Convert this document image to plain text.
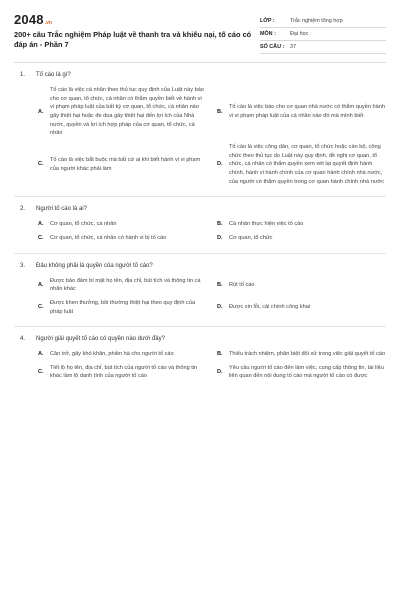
2048 .vn
200+ câu Trắc nghiệm Pháp luật về thanh tra và khiếu nại, tố cáo có đáp án - Phần 7
LỚP :	Trắc nghiệm tổng hợp
MÔN :	Đại học
SỐ CÂU :	37
1.	Tố cáo là gì?
A.
Tố cáo là việc cá nhân theo thủ tục quy định của Luật này báo cho cơ quan, tổ chức, cá nhân có thẩm quyền biết về hành vi vi phạm pháp luật của bất kỳ cơ quan, tổ chức, cá nhân nào gây thiệt hại hoặc đe dọa gây thiệt hại đến lợi ích của Nhà nước, quyền và lợi ích hợp pháp của cơ quan, tổ chức, cá nhân
B.
Tố cáo là việc báo cho cơ quan nhà nước có thẩm quyền hành vi vi phạm pháp luật của cá nhân nào đó mà mình biết
C.
Tố cáo là việc bắt buộc mà bất cứ ai khi biết hành vi vi phạm của người khác phải làm
D.
Tố cáo là việc công dân, cơ quan, tổ chức hoặc cán bộ, công chức theo thủ tục do Luật này quy định, đề nghị cơ quan, tổ chức, cá nhân có thẩm quyền xem xét lại quyết định hành chính, hành vi hành chính của cơ quan hành chính nhà nước, của người có thẩm quyền trong cơ quan hành chính nhà nước
2.	Người tố cáo là ai?
A.	Cơ quan, tổ chức, cá nhân	B.	Cá nhân thực hiện việc tố cáo
C.	Cơ quan, tổ chức, cá nhân có hành vi bị tố cáo	D.	Cơ quan, tổ chức
3.	Đâu không phải là quyền của người tố cáo?
A.
Được bảo đảm bí mật họ tên, địa chỉ, bút tích và thông tin cá nhân khác
B.	Rút tố cáo
C.
Được khen thưởng, bồi thường thiệt hại theo quy định của pháp luật
D.	Được xin lỗi, cải chính công khai
4.	Người giải quyết tố cáo có quyền nào dưới đây?
A.	Cản trở, gây khó khăn, phiền hà cho người tố cáo	B.	Thiếu trách nhiệm, phân biệt đối xử trong việc giải quyết tố cáo
C.
Tiết lộ họ tên, địa chỉ, bút tích của người tố cáo và thông tin khác làm lộ danh tính của người tố cáo
D.
Yêu cầu người tố cáo đến làm việc, cung cấp thông tin, tài liệu liên quan đến nội dung tố cáo mà người tố cáo có được
